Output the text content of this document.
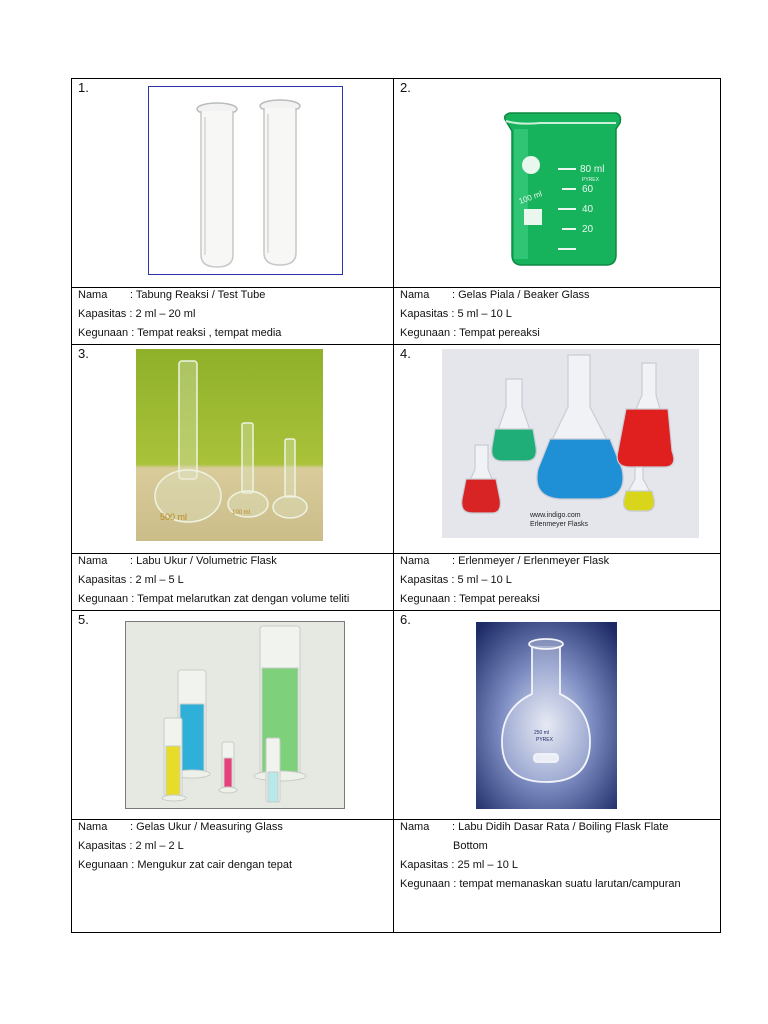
1.	2.
80 ml
PYREX
60
40
20
100 ml
Nama : Tabung Reaksi / Test Tube
Kapasitas : 2 ml – 20 ml
Kegunaan : Tempat reaksi , tempat media
Nama : Gelas Piala / Beaker Glass
Kapasitas : 5 ml – 10 L
Kegunaan : Tempat pereaksi
3.
500 ml	100 ml
4.
www.indigo.com
Erlenmeyer Flasks
Nama : Labu Ukur / Volumetric Flask
Kapasitas : 2 ml – 5 L
Kegunaan : Tempat melarutkan zat dengan volume teliti
Nama : Erlenmeyer / Erlenmeyer Flask
Kapasitas : 5 ml – 10 L
Kegunaan : Tempat pereaksi
5.	6.
250 ml
PYREX
Nama : Gelas Ukur / Measuring Glass
Kapasitas : 2 ml – 2 L
Kegunaan : Mengukur zat cair dengan tepat
Nama : Labu Didih Dasar Rata / Boiling Flask Flate
Bottom
Kapasitas : 25 ml – 10 L
Kegunaan : tempat memanaskan suatu larutan/campuran
